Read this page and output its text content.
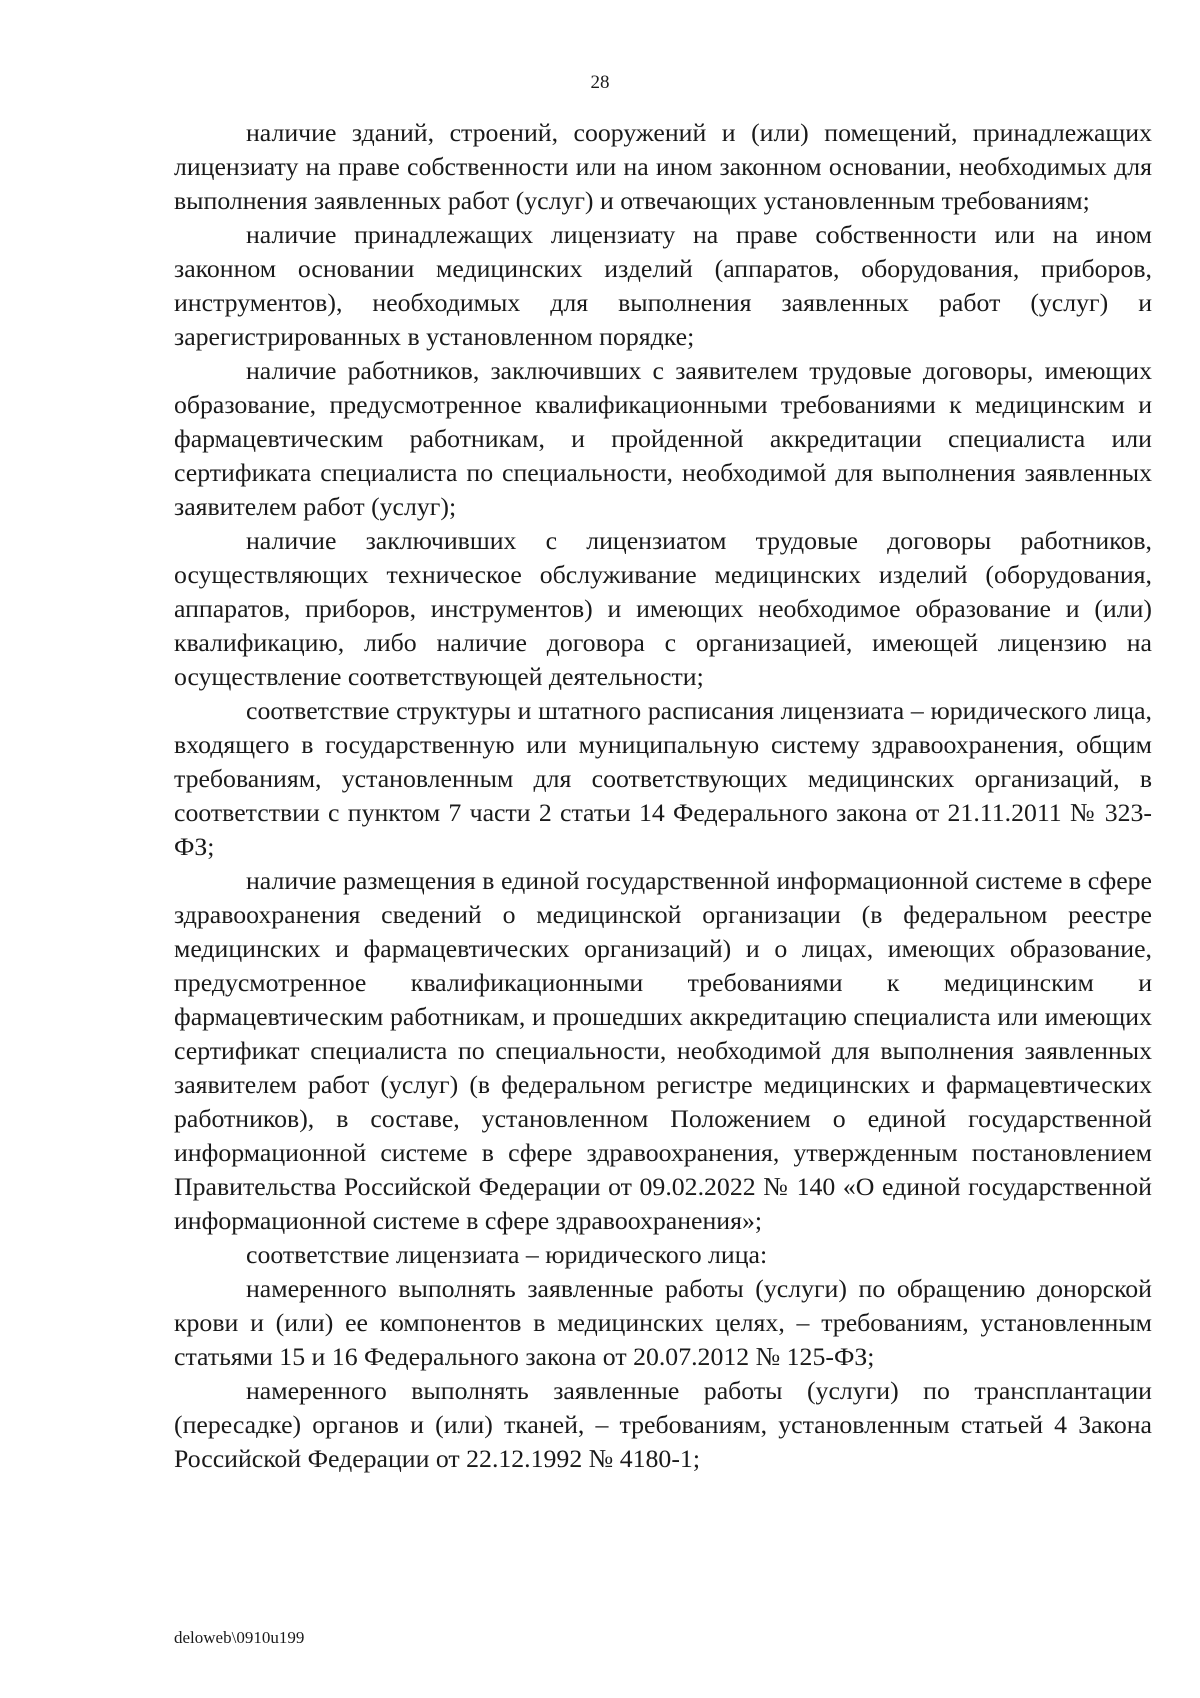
28

наличие зданий, строений, сооружений и (или) помещений, принадлежащих лицензиату на праве собственности или на ином законном основании, необходимых для выполнения заявленных работ (услуг) и отвечающих установленным требованиям;

наличие принадлежащих лицензиату на праве собственности или на ином законном основании медицинских изделий (аппаратов, оборудования, приборов, инструментов), необходимых для выполнения заявленных работ (услуг) и зарегистрированных в установленном порядке;

наличие работников, заключивших с заявителем трудовые договоры, имеющих образование, предусмотренное квалификационными требованиями к медицинским и фармацевтическим работникам, и пройденной аккредитации специалиста или сертификата специалиста по специальности, необходимой для выполнения заявленных заявителем работ (услуг);

наличие заключивших с лицензиатом трудовые договоры работников, осуществляющих техническое обслуживание медицинских изделий (оборудования, аппаратов, приборов, инструментов) и имеющих необходимое образование и (или) квалификацию, либо наличие договора с организацией, имеющей лицензию на осуществление соответствующей деятельности;

соответствие структуры и штатного расписания лицензиата – юридического лица, входящего в государственную или муниципальную систему здравоохранения, общим требованиям, установленным для соответствующих медицинских организаций, в соответствии с пунктом 7 части 2 статьи 14 Федерального закона от 21.11.2011 № 323-ФЗ;

наличие размещения в единой государственной информационной системе в сфере здравоохранения сведений о медицинской организации (в федеральном реестре медицинских и фармацевтических организаций) и о лицах, имеющих образование, предусмотренное квалификационными требованиями к медицинским и фармацевтическим работникам, и прошедших аккредитацию специалиста или имеющих сертификат специалиста по специальности, необходимой для выполнения заявленных заявителем работ (услуг) (в федеральном регистре медицинских и фармацевтических работников), в составе, установленном Положением о единой государственной информационной системе в сфере здравоохранения, утвержденным постановлением Правительства Российской Федерации от 09.02.2022 № 140 «О единой государственной информационной системе в сфере здравоохранения»;

соответствие лицензиата – юридического лица:

намеренного выполнять заявленные работы (услуги) по обращению донорской крови и (или) ее компонентов в медицинских целях, – требованиям, установленным статьями 15 и 16 Федерального закона от 20.07.2012 № 125-ФЗ;

намеренного выполнять заявленные работы (услуги) по трансплантации (пересадке) органов и (или) тканей, – требованиям, установленным статьей 4 Закона Российской Федерации от 22.12.1992 № 4180-1;

deloweb\0910u199
